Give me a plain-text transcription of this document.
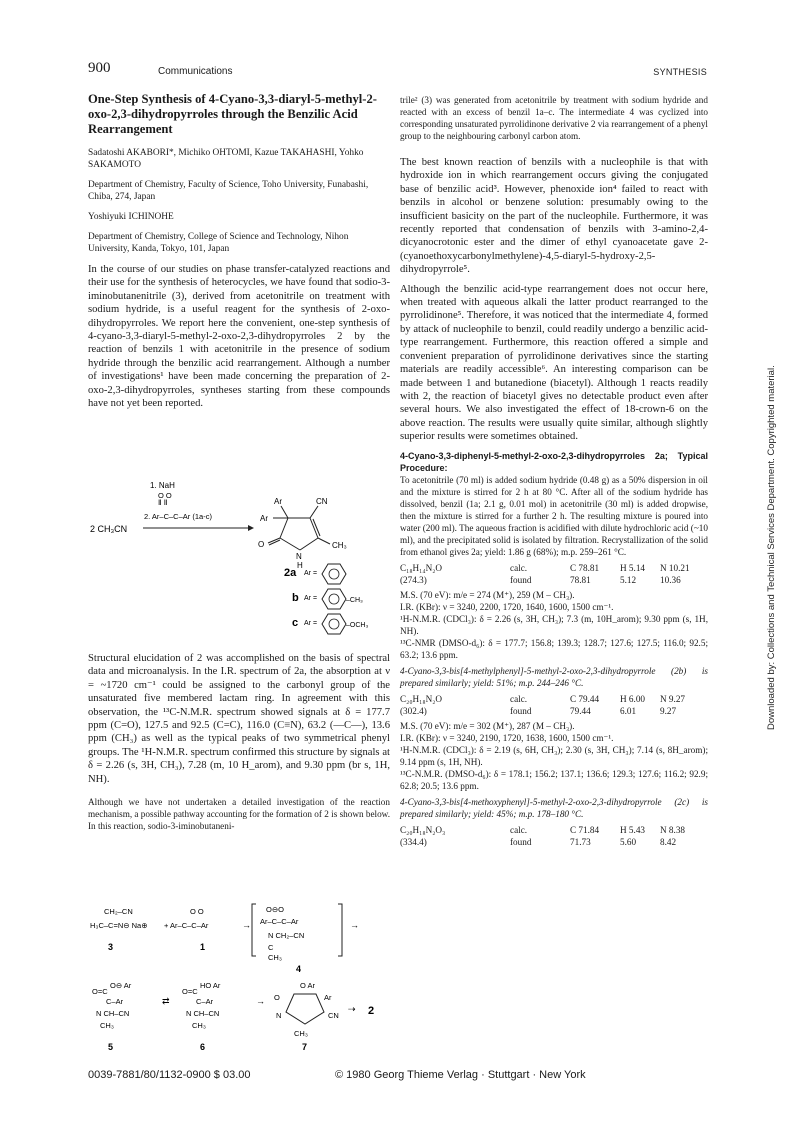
900	Communications	SYNTHESIS
One-Step Synthesis of 4-Cyano-3,3-diaryl-5-methyl-2-oxo-2,3-dihydropyrroles through the Benzilic Acid Rearrangement
Sadatoshi AKABORI*, Michiko OHTOMI, Kazue TAKAHASHI, Yohko SAKAMOTO
Department of Chemistry, Faculty of Science, Toho University, Funabashi, Chiba, 274, Japan
Yoshiyuki ICHINOHE
Department of Chemistry, College of Science and Technology, Nihon University, Kanda, Tokyo, 101, Japan
In the course of our studies on phase transfer-catalyzed reactions and their use for the synthesis of heterocycles, we have found that sodio-3-iminobutanenitrile (3), derived from acetonitrile on treatment with sodium hydride, is a useful reagent for the synthesis of 2-oxo-dihydropyrroles. We report here the convenient, one-step synthesis of 4-cyano-3,3-diaryl-5-methyl-2-oxo-2,3-dihydropyrroles 2 by the reaction of benzils 1 with acetonitrile in the presence of sodium hydride through the benzilic acid rearrangement. Although a number of investigations¹ have been made concerning the preparation of 2-oxo-2,3-dihydropyrroles, syntheses starting from these compounds have not yet been reported.
1. NaH
O O
Ⅱ Ⅱ
2. Ar–C–C–Ar (1a-c)
2 CH₃CN
Ar
Ar
CN
O
N
H
CH₃
2a Ar =
b Ar =	–CH₃
c Ar =	–OCH₃
Structural elucidation of 2 was accomplished on the basis of spectral data and microanalysis. In the I.R. spectrum of 2a, the absorption at ν = ~1720 cm⁻¹ could be assigned to the carbonyl group of the unsaturated five membered lactam ring. In agreement with this observation, the ¹³C-N.M.R. spectrum showed signals at δ = 177.7 ppm (C=O), 127.5 and 92.5 (C=C), 116.0 (C≡N), 63.2 (—C—), 13.6 ppm (CH₃) as well as the typical peaks of two symmetrical phenyl groups. The ¹H-N.M.R. spectrum confirmed this structure by signals at δ = 2.26 (s, 3H, CH₃), 7.28 (m, 10 H_arom), and 9.30 ppm (br s, 1H, NH).
Although we have not undertaken a detailed investigation of the reaction mechanism, a possible pathway accounting for the formation of 2 is shown below. In this reaction, sodio-3-iminobutaneni-
H₃C–C=N⊖ Na⊕
CH₂–CN
+ Ar–C–C–Ar
O O
→
3	1
O⊖O
Ar–C–C–Ar
N CH₂–CN
C
CH₃
→
4
O=C
O⊖ Ar
C–Ar
N CH–CN
CH₃
⇄
O=C
HO Ar
C–Ar
N CH–CN
CH₃
→ O
O Ar
Ar
CN
N
CH₃
⇢ 2
5	6	7
trile² (3) was generated from acetonitrile by treatment with sodium hydride and reacted with an excess of benzil 1a–c. The intermediate 4 was cyclized into corresponding unsaturated pyrrolidinone derivative 2 via rearrangement of a phenyl group to the neighbouring carbonyl carbon atom.
The best known reaction of benzils with a nucleophile is that with hydroxide ion in which rearrangement occurs giving the conjugated base of benzilic acid³. However, phenoxide ion⁴ failed to react with benzils in alcohol or benzene solution: presumably owing to the insufficient basicity on the part of the nucleophile. Furthermore, it was recently reported that condensation of benzils with 3-amino-2,4-dicyanocrotonic ester and the dimer of ethyl cyanoacetate gave 2-(cyanoethoxycarbonylmethylene)-4,5-diaryl-5-hydroxy-2,5-dihydropyrrole⁵.
Although the benzilic acid-type rearrangement does not occur here, when treated with aqueous alkali the latter product rearranged to the pyrrolidinone⁵. Therefore, it was noticed that the intermediate 4, formed by attack of nucleophile to benzil, could readily undergo a benzilic acid-type rearrangement. Furthermore, this reaction offered a simple and convenient preparation of pyrrolidinone derivatives since the starting materials are readily accessible⁶. An interesting comparison can be made between 1 and butanedione (biacetyl). Although 1 reacts readily with 2, the reaction of biacetyl gives no detectable product even after several hours. We also investigated the effect of 18-crown-6 on the above reaction. The results were usually quite similar, although slightly superior results were sometimes obtained.
4-Cyano-3,3-diphenyl-5-methyl-2-oxo-2,3-dihydropyrroles 2a; Typical Procedure:
To acetonitrile (70 ml) is added sodium hydride (0.48 g) as a 50% dispersion in oil and the mixture is stirred for 2 h at 80 °C. After all of the sodium hydride has dissolved, benzil (1a; 2.1 g, 0.01 mol) in acetonitrile (30 ml) is added dropwise, then the mixture is stirred for a further 2 h. The resulting mixture is poured into water (200 ml). The aqueous fraction is acidified with dilute hydrochloric acid (~10 ml), and the precipitated solid is isolated by filtration. Recrystallization of the solid from ethanol gives 2a; yield: 1.86 g (68%); m.p. 259–261 °C.
C₁₈H₁₄N₂O	calc.	C 78.81	H 5.14	N 10.21
(274.3)	found	78.81	5.12	10.36
M.S. (70 eV): m/e = 274 (M⁺), 259 (M – CH₃).
I.R. (KBr): ν = 3240, 2200, 1720, 1640, 1600, 1500 cm⁻¹.
¹H-N.M.R. (CDCl₃): δ = 2.26 (s, 3H, CH₃); 7.3 (m, 10H_arom); 9.30 ppm (s, 1H, NH).
¹³C-NMR (DMSO-d₆): δ = 177.7; 156.8; 139.3; 128.7; 127.6; 127.5; 116.0; 92.5; 63.2; 13.6 ppm.
4-Cyano-3,3-bis[4-methylphenyl]-5-methyl-2-oxo-2,3-dihydropyrrole (2b) is prepared similarly; yield: 51%; m.p. 244–246 °C.
C₂₀H₁₈N₂O	calc.	C 79.44	H 6.00	N 9.27
(302.4)	found	79.44	6.01	9.27
M.S. (70 eV): m/e = 302 (M⁺), 287 (M – CH₃).
I.R. (KBr): ν = 3240, 2190, 1720, 1638, 1600, 1500 cm⁻¹.
¹H-N.M.R. (CDCl₃): δ = 2.19 (s, 6H, CH₃); 2.30 (s, 3H, CH₃); 7.14 (s, 8H_arom); 9.14 ppm (s, 1H, NH).
¹³C-N.M.R. (DMSO-d₆): δ = 178.1; 156.2; 137.1; 136.6; 129.3; 127.6; 116.2; 92.9; 62.8; 20.5; 13.6 ppm.
4-Cyano-3,3-bis[4-methoxyphenyl]-5-methyl-2-oxo-2,3-dihydropyrrole (2c) is prepared similarly; yield: 45%; m.p. 178–180 °C.
C₂₀H₁₈N₂O₃	calc.	C 71.84	H 5.43	N 8.38
(334.4)	found	71.73	5.60	8.42
0039-7881/80/1132-0900 $ 03.00	© 1980 Georg Thieme Verlag · Stuttgart · New York
Downloaded by: Collections and Technical Services Department. Copyrighted material.
